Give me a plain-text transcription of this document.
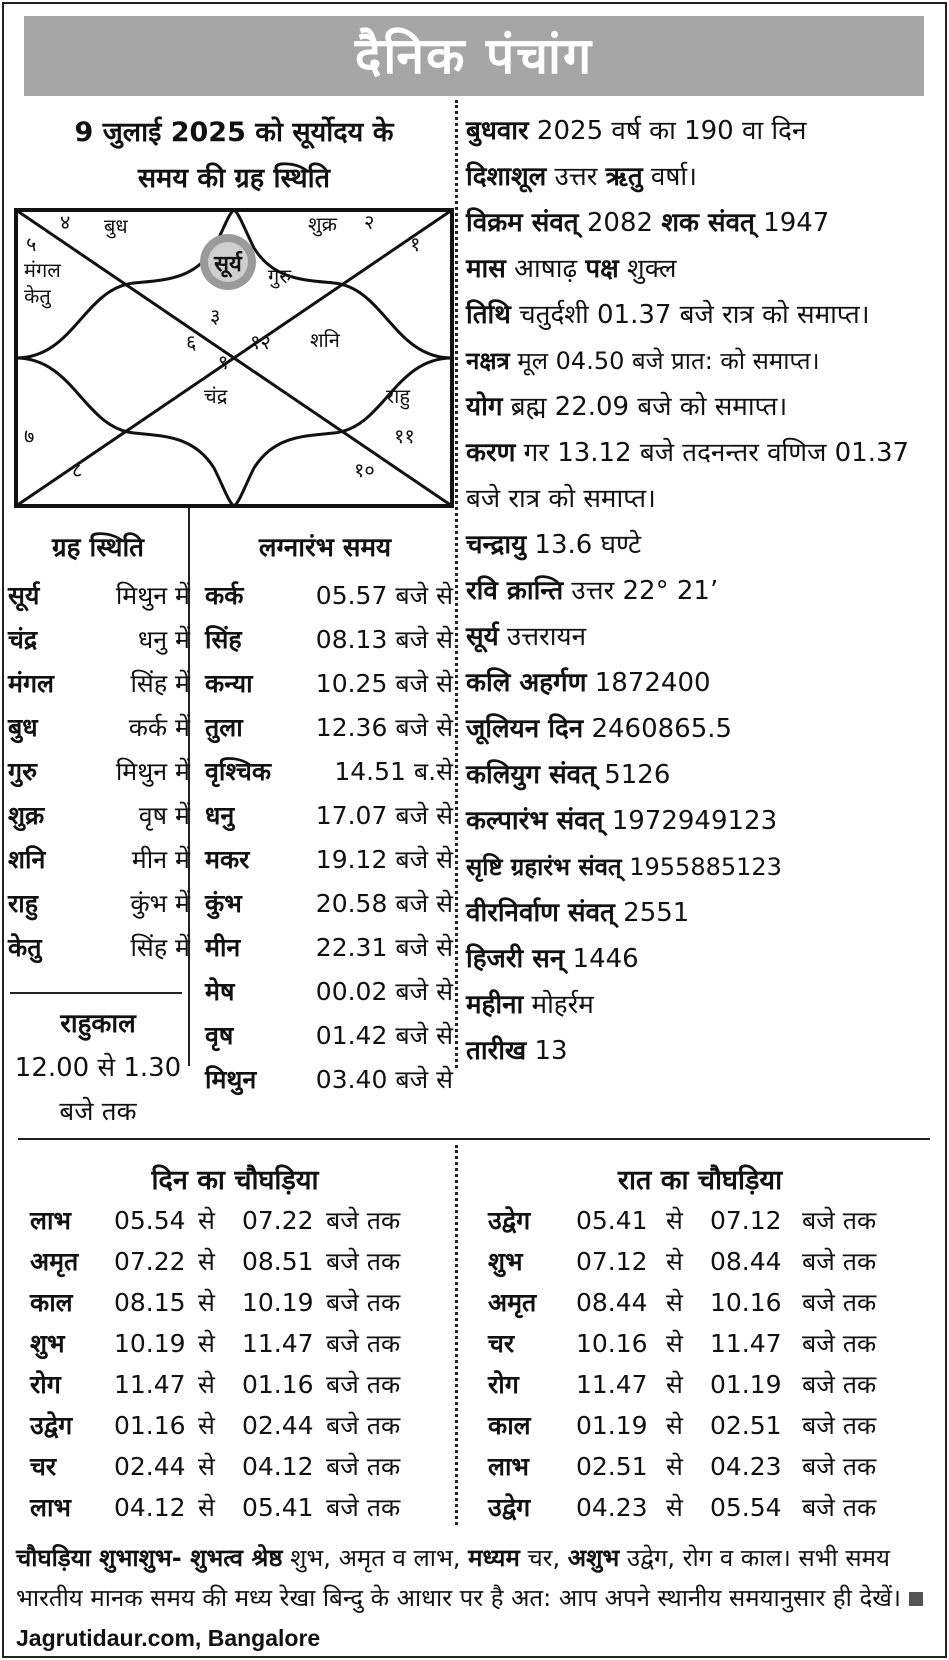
दैनिक पंचांग
9 जुलाई 2025 को सूर्योदय के
समय की ग्रह स्थिति
४ बुध	शुक्र २
१
५
मंगल
केतु
सूर्य	गुरु
३
६	१२ शनि
९
चंद्र	राहु
७	११
८	१०
बुधवार 2025 वर्ष का 190 वा दिन
दिशाशूल उत्तर ऋतु वर्षा।
विक्रम संवत् 2082 शक संवत् 1947
मास आषाढ़ पक्ष शुक्ल
तिथि चतुर्दशी 01.37 बजे रात्र को समाप्त।
नक्षत्र मूल 04.50 बजे प्रात: को समाप्त।
योग ब्रह्म 22.09 बजे को समाप्त।
करण गर 13.12 बजे तदनन्तर वणिज 01.37 बजे रात्र को समाप्त।
चन्द्रायु 13.6 घण्टे
रवि क्रान्ति उत्तर 22° 21’
सूर्य उत्तरायन
कलि अहर्गण 1872400
जूलियन दिन 2460865.5
कलियुग संवत् 5126
कल्पारंभ संवत् 1972949123
सृष्टि ग्रहारंभ संवत् 1955885123
वीरनिर्वाण संवत् 2551
हिजरी सन् 1446
महीना मोहर्रम
तारीख 13
ग्रह स्थिति
सूर्य	मिथुन में
चंद्र	धनु में
मंगल	सिंह में
बुध	कर्क में
गुरु	मिथुन में
शुक्र	वृष में
शनि	मीन में
राहु	कुंभ में
केतु	सिंह में
लग्नारंभ समय
कर्क	05.57 बजे से
सिंह	08.13 बजे से
कन्या	10.25 बजे से
तुला	12.36 बजे से
वृश्चिक	14.51 ब.से
धनु	17.07 बजे से
मकर	19.12 बजे से
कुंभ	20.58 बजे से
मीन	22.31 बजे से
मेष	00.02 बजे से
वृष	01.42 बजे से
मिथुन 03.40 बजे से
राहुकाल
12.00 से 1.30
बजे तक
दिन का चौघड़िया	रात का चौघड़िया
लाभ 05.54 से 07.22 बजे तक
अमृत 07.22 से 08.51 बजे तक
काल 08.15 से 10.19 बजे तक
शुभ 10.19 से 11.47 बजे तक
रोग 11.47 से 01.16 बजे तक
उद्वेग 01.16 से 02.44 बजे तक
चर 02.44 से 04.12 बजे तक
लाभ 04.12 से 05.41 बजे तक
उद्वेग 05.41 से 07.12 बजे तक
शुभ 07.12 से 08.44 बजे तक
अमृत 08.44 से 10.16 बजे तक
चर 10.16 से 11.47 बजे तक
रोग 11.47 से 01.19 बजे तक
काल 01.19 से 02.51 बजे तक
लाभ 02.51 से 04.23 बजे तक
उद्वेग 04.23 से 05.54 बजे तक
चौघड़िया शुभाशुभ- शुभत्व श्रेष्ठ शुभ, अमृत व लाभ, मध्यम चर, अशुभ उद्वेग, रोग व काल। सभी समय भारतीय मानक समय की मध्य रेखा बिन्दु के आधार पर है अत: आप अपने स्थानीय समयानुसार ही देखें। Jagrutidaur.com, Bangalore
